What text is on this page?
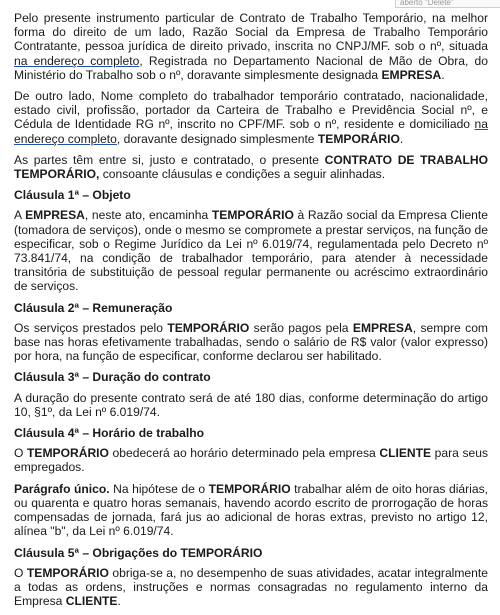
aberto "Delete"

Pelo presente instrumento particular de Contrato de Trabalho Temporário, na melhor forma do direito de um lado, Razão Social da Empresa de Trabalho Temporário Contratante, pessoa jurídica de direito privado, inscrita no CNPJ/MF. sob o nº, situada na endereço completo, Registrada no Departamento Nacional de Mão de Obra, do Ministério do Trabalho sob o nº, doravante simplesmente designada EMPRESA.

De outro lado, Nome completo do trabalhador temporário contratado, nacionalidade, estado civil, profissão, portador da Carteira de Trabalho e Previdência Social nº, e Cédula de Identidade RG nº, inscrito no CPF/MF. sob o nº, residente e domiciliado na endereço completo, doravante designado simplesmente TEMPORÁRIO.

As partes têm entre si, justo e contratado, o presente CONTRATO DE TRABALHO TEMPORÁRIO, consoante cláusulas e condições a seguir alinhadas.

Cláusula 1ª – Objeto

A EMPRESA, neste ato, encaminha TEMPORÁRIO à Razão social da Empresa Cliente (tomadora de serviços), onde o mesmo se compromete a prestar serviços, na função de especificar, sob o Regime Jurídico da Lei nº 6.019/74, regulamentada pelo Decreto nº 73.841/74, na condição de trabalhador temporário, para atender à necessidade transitória de substituição de pessoal regular permanente ou acréscimo extraordinário de serviços.

Cláusula 2ª – Remuneração

Os serviços prestados pelo TEMPORÁRIO serão pagos pela EMPRESA, sempre com base nas horas efetivamente trabalhadas, sendo o salário de R$ valor (valor expresso) por hora, na função de especificar, conforme declarou ser habilitado.

Cláusula 3ª – Duração do contrato

A duração do presente contrato será de até 180 dias, conforme determinação do artigo 10, §1º, da Lei nº 6.019/74.

Cláusula 4ª – Horário de trabalho

O TEMPORÁRIO obedecerá ao horário determinado pela empresa CLIENTE para seus empregados.

Parágrafo único. Na hipótese de o TEMPORÁRIO trabalhar além de oito horas diárias, ou quarenta e quatro horas semanais, havendo acordo escrito de prorrogação de horas compensadas de jornada, fará jus ao adicional de horas extras, previsto no artigo 12, alínea "b", da Lei nº 6.019/74.

Cláusula 5ª – Obrigações do TEMPORÁRIO

O TEMPORÁRIO obriga-se a, no desempenho de suas atividades, acatar integralmente a todas as ordens, instruções e normas consagradas no regulamento interno da Empresa CLIENTE.
